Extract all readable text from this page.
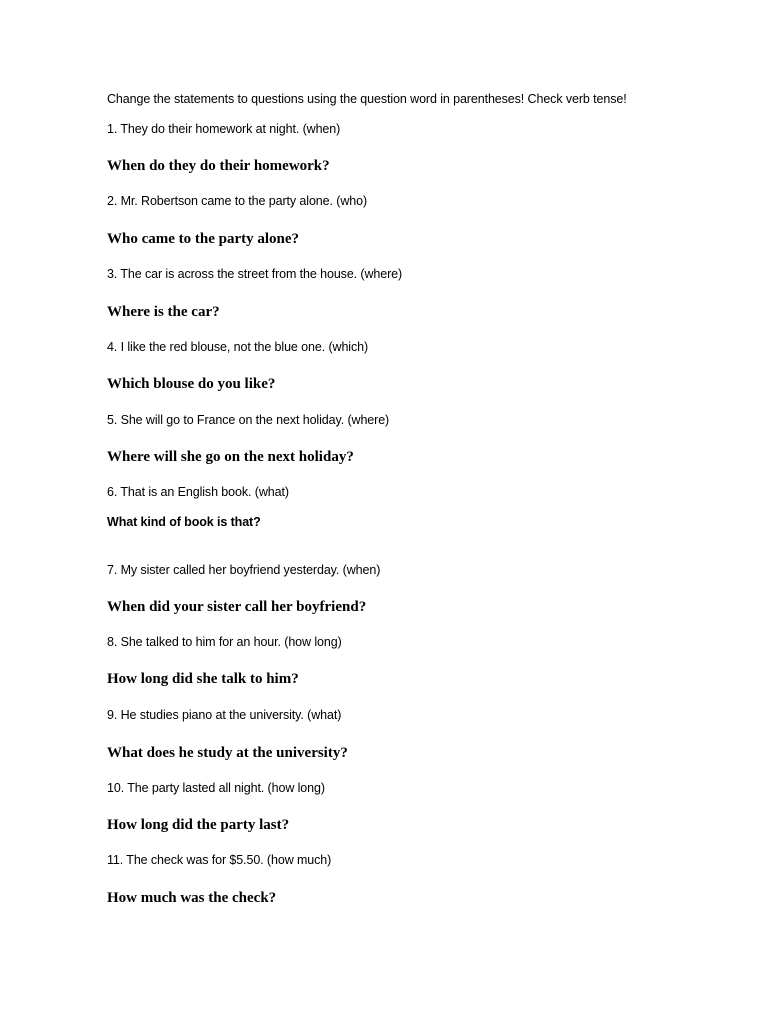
Change the statements to questions using the question word in parentheses! Check verb tense!
1. They do their homework at night. (when)
When do they do their homework?
2. Mr. Robertson came to the party alone. (who)
Who came to the party alone?
3. The car is across the street from the house. (where)
Where is the car?
4. I like the red blouse, not the blue one. (which)
Which blouse do you like?
5. She will go to France on the next holiday. (where)
Where will she go on the next holiday?
6. That is an English book. (what)
What kind of book is that?
7. My sister called her boyfriend yesterday. (when)
When did your sister call her boyfriend?
8. She talked to him for an hour. (how long)
How long did she talk to him?
9. He studies piano at the university. (what)
What does he study at the university?
10. The party lasted all night. (how long)
How long did the party last?
11. The check was for $5.50. (how much)
How much was the check?
